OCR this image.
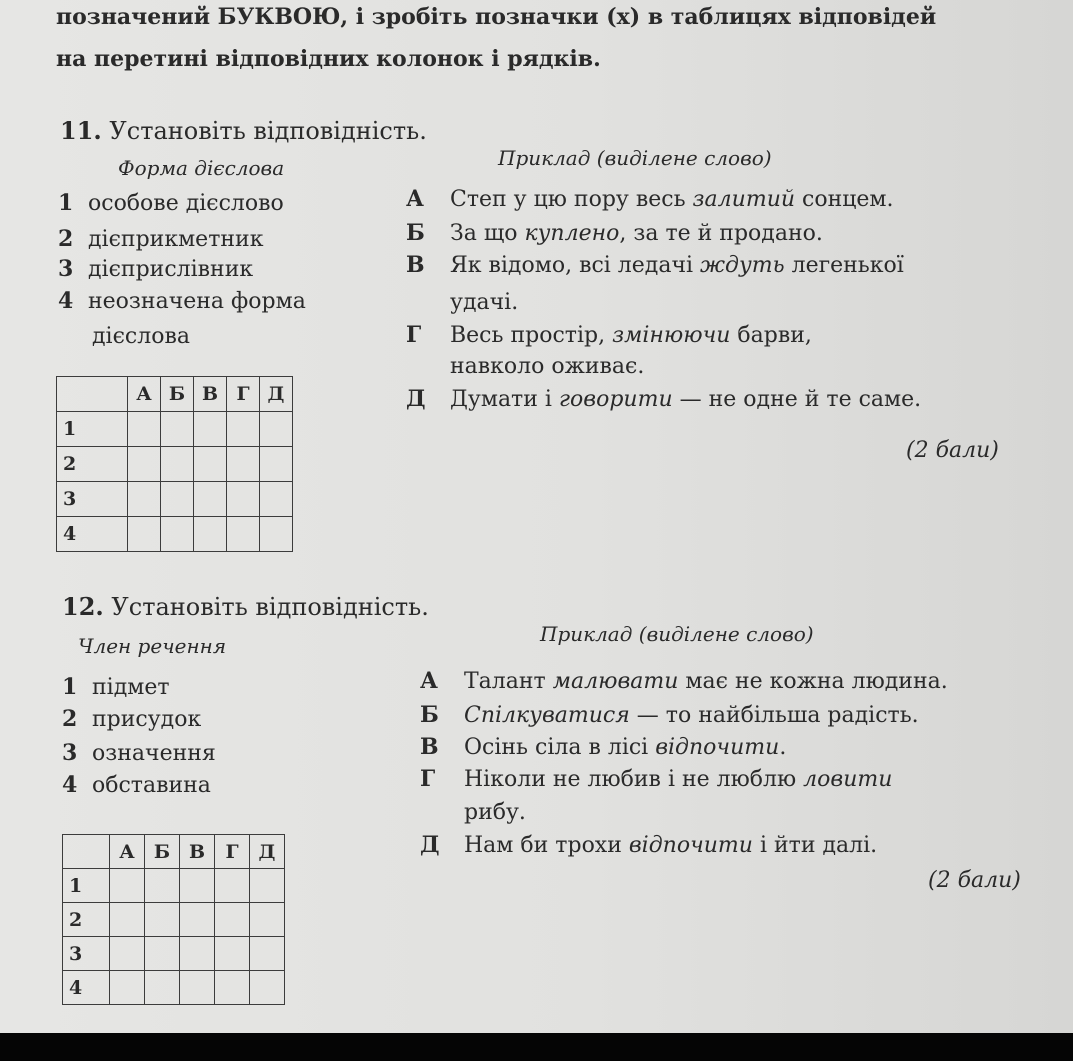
позначений БУКВОЮ, і зробіть позначки (x) в таблицях відповідей
на перетині відповідних колонок і рядків.
11. Установіть відповідність.
Форма дієслова	Приклад (виділене слово)
1 особове дієслово
2 дієприкметник
3 дієприслівник
4 неозначена форма
дієслова
А Степ у цю пору весь залитий сонцем.
Б За що куплено, за те й продано.
В Як відомо, всі ледачі ждуть легенької
удачі.
Г Весь простір, змінюючи барви,
навколо оживає.
Д Думати і говорити — не одне й те саме.
(2 бали)
	А	Б	В	Г	Д
1					
2					
3					
4					
12. Установіть відповідність.
Член речення	Приклад (виділене слово)
1 підмет
2 присудок
3 означення
4 обставина
А Талант малювати має не кожна людина.
Б Спілкуватися — то найбільша радість.
В Осінь сіла в лісі відпочити.
Г Ніколи не любив і не люблю ловити
рибу.
Д Нам би трохи відпочити і йти далі.
(2 бали)
	А	Б	В	Г	Д
1					
2					
3					
4					
